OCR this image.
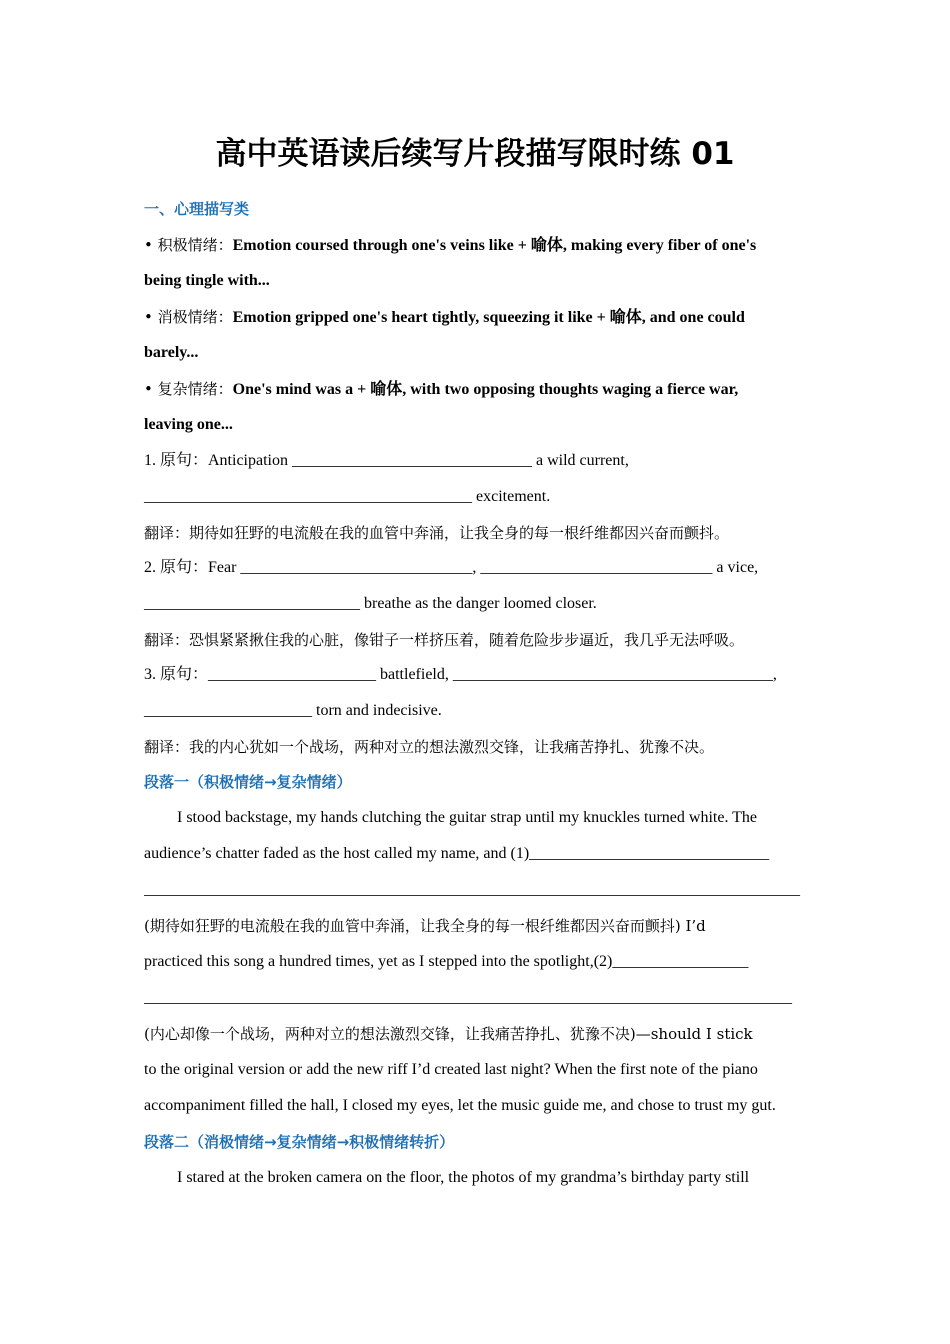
高中英语读后续写片段描写限时练 01
一、心理描写类
• 积极情绪：Emotion coursed through one's veins like + 喻体, making every fiber of one's
being tingle with...
• 消极情绪：Emotion gripped one's heart tightly, squeezing it like + 喻体, and one could
barely...
• 复杂情绪：One's mind was a + 喻体, with two opposing thoughts waging a fierce war,
leaving one...
1. 原句：Anticipation ______________________________ a wild current,
_________________________________________ excitement.
翻译：期待如狂野的电流般在我的血管中奔涌，让我全身的每一根纤维都因兴奋而颤抖。
2. 原句：Fear _____________________________, _____________________________ a vice,
___________________________ breathe as the danger loomed closer.
翻译：恐惧紧紧揪住我的心脏，像钳子一样挤压着，随着危险步步逼近，我几乎无法呼吸。
3. 原句：_____________________ battlefield, ________________________________________,
_____________________ torn and indecisive.
翻译：我的内心犹如一个战场，两种对立的想法激烈交锋，让我痛苦挣扎、犹豫不决。
段落一（积极情绪→复杂情绪）
I stood backstage, my hands clutching the guitar strap until my knuckles turned white. The
audience’s chatter faded as the host called my name, and (1)______________________________
__________________________________________________________________________________
(期待如狂野的电流般在我的血管中奔涌，让我全身的每一根纤维都因兴奋而颤抖) I’d
practiced this song a hundred times, yet as I stepped into the spotlight,(2)_________________
_________________________________________________________________________________
(内心却像一个战场，两种对立的想法激烈交锋，让我痛苦挣扎、犹豫不决)—should I stick
to the original version or add the new riff I’d created last night? When the first note of the piano
accompaniment filled the hall, I closed my eyes, let the music guide me, and chose to trust my gut.
段落二（消极情绪→复杂情绪→积极情绪转折）
I stared at the broken camera on the floor, the photos of my grandma’s birthday party still
